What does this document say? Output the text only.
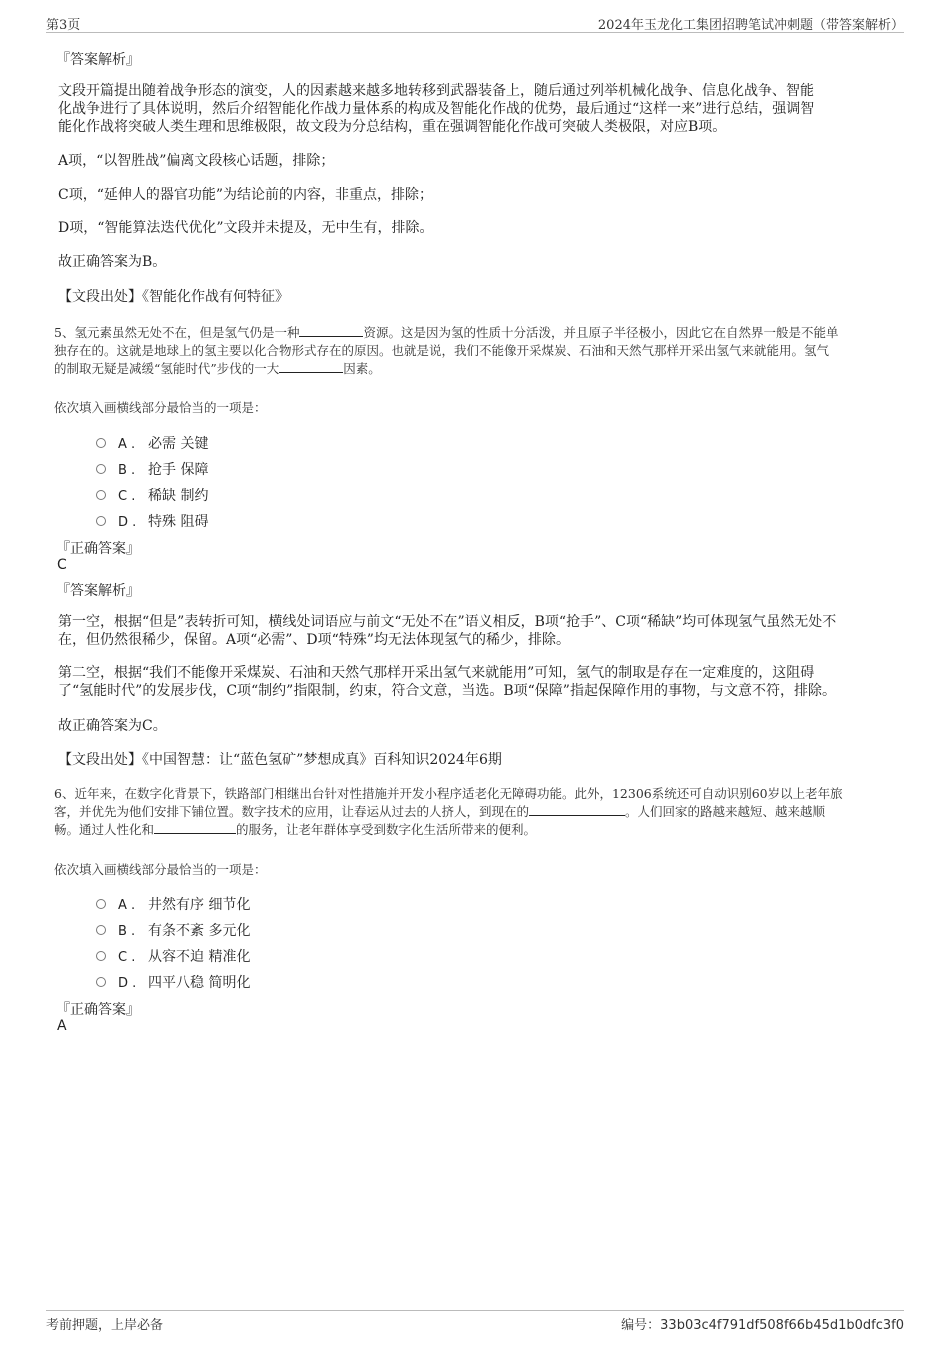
第3页	2024年玉龙化工集团招聘笔试冲刺题（带答案解析）
『答案解析』
文段开篇提出随着战争形态的演变，人的因素越来越多地转移到武器装备上，随后通过列举机械化战争、信息化战争、智能
化战争进行了具体说明，然后介绍智能化作战力量体系的构成及智能化作战的优势，最后通过“这样一来”进行总结，强调智
能化作战将突破人类生理和思维极限，故文段为分总结构，重在强调智能化作战可突破人类极限，对应B项。
A项，“以智胜战”偏离文段核心话题，排除；
C项，“延伸人的器官功能”为结论前的内容，非重点，排除；
D项，“智能算法迭代优化”文段并未提及，无中生有，排除。
故正确答案为B。
【文段出处】《智能化作战有何特征》
5、氢元素虽然无处不在，但是氢气仍是一种	资源。这是因为氢的性质十分活泼，并且原子半径极小，因此它在自然界一般是不能单
独存在的。这就是地球上的氢主要以化合物形式存在的原因。也就是说，我们不能像开采煤炭、石油和天然气那样开采出氢气来就能用。氢气
的制取无疑是减缓“氢能时代”步伐的一大	因素。
依次填入画横线部分最恰当的一项是：
A . 必需 关键
B . 抢手 保障
C . 稀缺 制约
D . 特殊 阻碍
『正确答案』
C
『答案解析』
第一空，根据“但是”表转折可知，横线处词语应与前文“无处不在”语义相反，B项“抢手”、C项“稀缺”均可体现氢气虽然无处不
在，但仍然很稀少，保留。A项“必需”、D项“特殊”均无法体现氢气的稀少，排除。
第二空，根据“我们不能像开采煤炭、石油和天然气那样开采出氢气来就能用”可知，氢气的制取是存在一定难度的，这阻碍
了“氢能时代”的发展步伐，C项“制约”指限制，约束，符合文意，当选。B项“保障”指起保障作用的事物，与文意不符，排除。
故正确答案为C。
【文段出处】《中国智慧：让“蓝色氢矿”梦想成真》百科知识2024年6期
6、近年来，在数字化背景下，铁路部门相继出台针对性措施并开发小程序适老化无障碍功能。此外，12306系统还可自动识别60岁以上老年旅
客，并优先为他们安排下铺位置。数字技术的应用，让春运从过去的人挤人，到现在的	。人们回家的路越来越短、越来越顺
畅。通过人性化和	的服务，让老年群体享受到数字化生活所带来的便利。
依次填入画横线部分最恰当的一项是：
A . 井然有序 细节化
B . 有条不紊 多元化
C . 从容不迫 精准化
D . 四平八稳 简明化
『正确答案』
A
考前押题，上岸必备	编号：33b03c4f791df508f66b45d1b0dfc3f0
